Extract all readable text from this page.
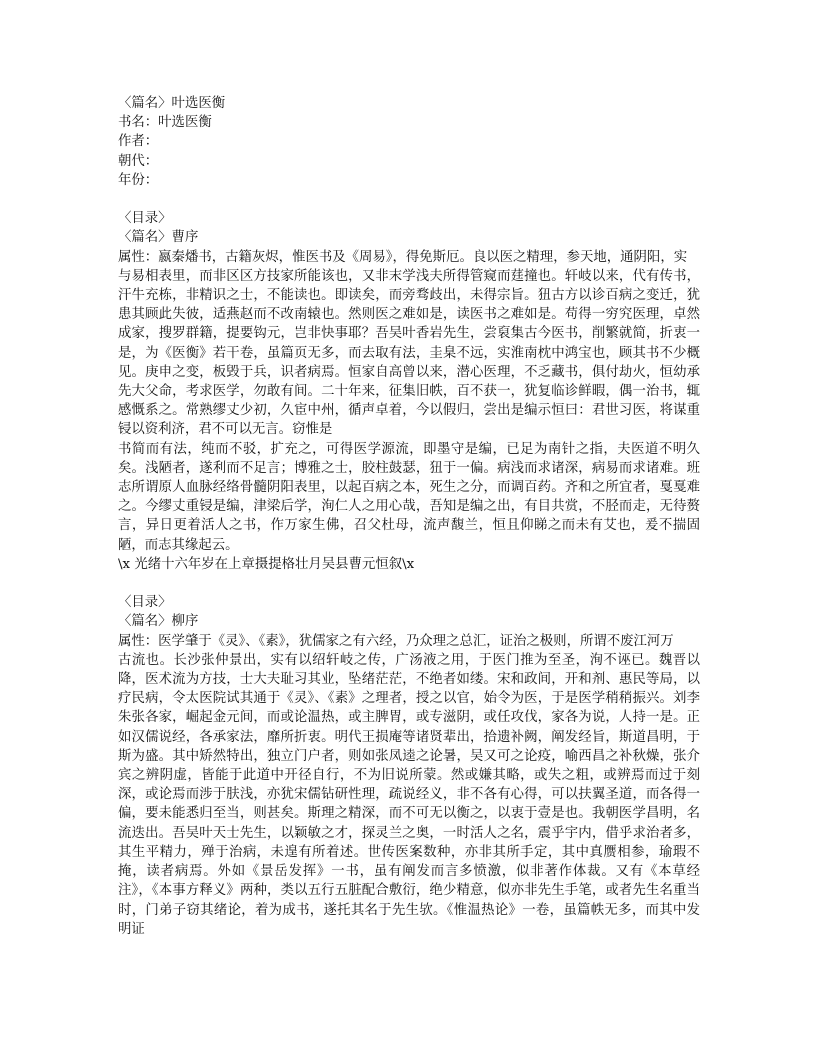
〈篇名〉叶选医衡
书名：叶选医衡
作者：
朝代：
年份：
〈目录〉
〈篇名〉曹序
属性：嬴秦燔书，古籍灰烬，惟医书及《周易》，得免斯厄。良以医之精理，参天地，通阴阳，实
与易相表里，而非区区方技家所能该也，又非末学浅夫所得管窥而莛撞也。轩岐以来，代有传书，汗牛充栋，非精识之士，不能读也。即读矣，而旁骛歧出，未得宗旨。狃古方以诊百病之变迁，犹患其顾此失彼，适燕赵而不改南辕也。然则医之难如是，读医书之难如是。苟得一穷究医理，卓然成家，搜罗群籍，提要钩元，岂非快事耶？吾吴叶香岩先生，尝裒集古今医书，削繁就简，折衷一是，为《医衡》若干卷，虽篇页无多，而去取有法，圭臬不远，实淮南枕中鸿宝也，顾其书不少概见。庚申之变，板毁于兵，识者病焉。恒家自高曾以来，潜心医理，不乏藏书，俱付劫火，恒幼承先大父命，考求医学，勿敢有间。二十年来，征集旧帙，百不获一，犹复临诊鲜暇，偶一治书，辄感慨系之。常熟缪丈少初，久宦中州，循声卓着，今以假归，尝出是编示恒曰：君世习医，将谋重锓以资利济，君不可以无言。窃惟是
书简而有法，纯而不驳，扩充之，可得医学源流，即墨守是编，已足为南针之指，夫医道不明久矣。浅陋者，遂利而不足言；博雅之士，胶柱鼓瑟，狃于一偏。病浅而求诸深，病易而求诸难。班志所谓原人血脉经络骨髓阴阳表里，以起百病之本，死生之分，而调百药。齐和之所宜者，戛戛难之。今缪丈重锓是编，津梁后学，洵仁人之用心哉，吾知是编之出，有目共赏，不胫而走，无待赘言，异日更着活人之书，作万家生佛，召父杜母，流声馥兰，恒且仰睇之而未有艾也，爰不揣固陋，而志其缘起云。
\x 光绪十六年岁在上章摄提格壮月吴县曹元恒叙\x
〈目录〉
〈篇名〉柳序
属性：医学肇于《灵》、《素》，犹儒家之有六经，乃众理之总汇，证治之极则，所谓不废江河万
古流也。长沙张仲景出，实有以绍轩岐之传，广汤液之用，于医门推为至圣，洵不诬已。魏晋以降，医术流为方技，士大夫耻习其业，坠绪茫茫，不绝者如缕。宋和政间，开和剂、惠民等局，以疗民病，令太医院试其通于《灵》、《素》之理者，授之以官，始令为医，于是医学稍稍振兴。刘李朱张各家，崛起金元间，而或论温热，或主脾胃，或专滋阴，或任攻伐，家各为说，人持一是。正如汉儒说经，各承家法，靡所折衷。明代王损庵等诸贤辈出，拾遗补阙，阐发经旨，斯道昌明，于斯为盛。其中矫然特出，独立门户者，则如张凤逵之论暑，吴又可之论疫，喻西昌之补秋燥，张介宾之辨阴虚，皆能于此道中开径自行，不为旧说所蒙。然或嫌其略，或失之粗，或辨焉而过于刻深，或论焉而涉于肤浅，亦犹宋儒钻研性理，疏说经义，非不各有心得，可以扶翼圣道，而各得一偏，要未能悉归至当，则甚矣。斯理之精深，而不可无以衡之，以衷于壹是也。我朝医学昌明，名流迭出。吾吴叶天士先生，以颖敏之才，探灵兰之奥，一时活人之名，震乎宇内，借乎求治者多，其生平精力，殚于治病，未遑有所着述。世传医案数种，亦非其所手定，其中真赝相参，瑜瑕不掩，读者病焉。外如《景岳发挥》一书，虽有阐发而言多愤激，似非著作体裁。又有《本草经注》，《本事方释义》两种，类以五行五脏配合敷衍，绝少精意，似亦非先生手笔，或者先生名重当时，门弟子窃其绪论，着为成书，遂托其名于先生欤。《惟温热论》一卷，虽篇帙无多，而其中发明证
